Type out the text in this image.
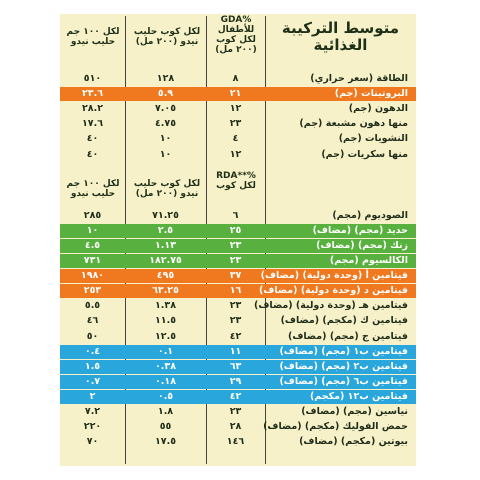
متوسط التركيبة الغذائية
GDA% للأطفال لكل كوب (٢٠٠ مل)
لكل كوب حليب نيدو (٢٠٠ مل)
لكل ١٠٠ جم حليب نيدو
RDA**% لكل كوب
لكل كوب حليب نيدو (٢٠٠ مل)
لكل ١٠٠ جم حليب نيدو
٥١٠	١٢٨	٨	الطاقة (سعر حراري)
٢٣.٦	٥.٩	٢١	البروتينات (جم)
٢٨.٢	٧.٠٥	١٢	الدهون (جم)
١٧.٦	٤.٧٥	٢٣	منها دهون مشبعة (جم)
٤٠	١٠	٤	النشويات (جم)
٤٠	١٠	١٢	منها سكريات (جم)
٢٨٥	٧١.٢٥	٦	الصوديوم (مجم)
١٠	٢.٥	٢٥	حديد (مجم) (مضاف)
٤.٥	١.١٣	٢٣	زنك (مجم) (مضاف)
٧٣١	١٨٢.٧٥	٢٣	الكالسيوم (مجم)
١٩٨٠	٤٩٥	٣٧	فيتامين أ (وحدة دولية) (مضاف)
٢٥٣	٦٣.٢٥	١٦	فيتامين د (وحدة دولية) (مضاف)
٥.٥	١.٣٨	٢٣	فيتامين هـ (وحدة دولية) (مضاف)
٤٦	١١.٥	٢٣	فيتامين ك (مكجم) (مضاف)
٥٠	١٢.٥	٤٢	فيتامين ج (مجم) (مضاف)
٠.٤	٠.١	١١	فيتامين ب١ (مجم) (مضاف)
١.٥	٠.٣٨	٦٣	فيتامين ب٢ (مجم) (مضاف)
٠.٧	٠.١٨	٢٩	فيتامين ب٦ (مجم) (مضاف)
٢	٠.٥	٤٢	فيتامين ب١٢ (مكجم)
٧.٢	١.٨	٢٣	نياسين (مجم) (مضاف)
٢٢٠	٥٥	٢٨	حمض الفوليك (مكجم) (مضاف)
٧٠	١٧.٥	١٤٦	بيوتين (مكجم) (مضاف)
